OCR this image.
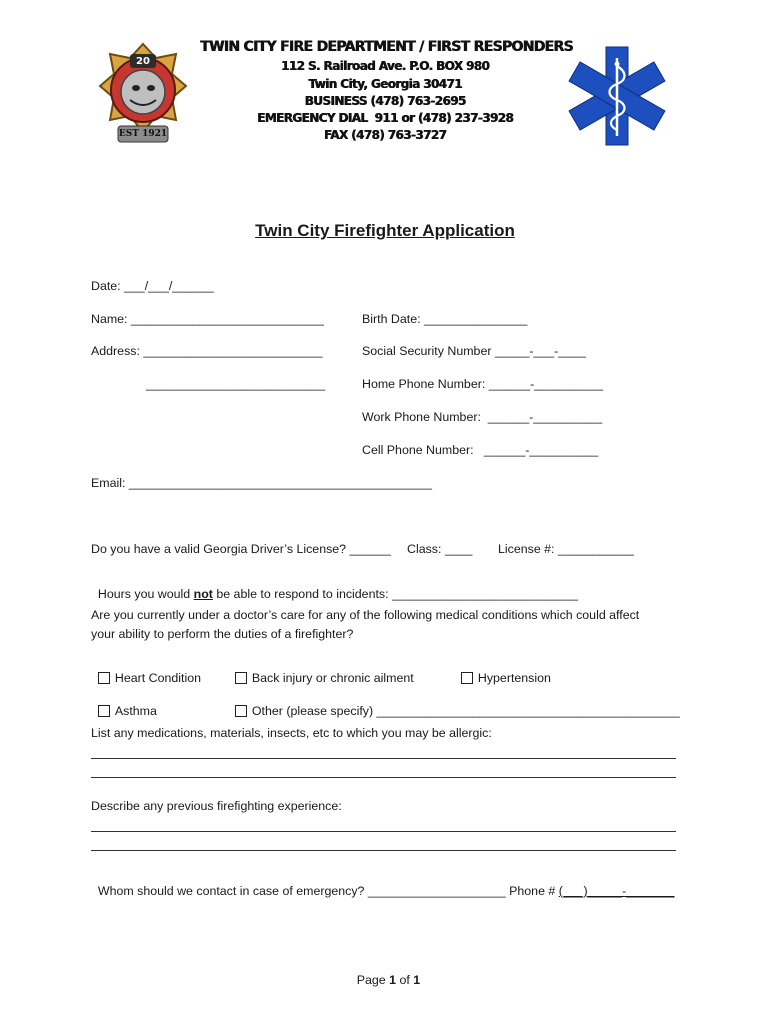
20
EST 1921
TWIN CITY FIRE DEPARTMENT / FIRST RESPONDERS
112 S. Railroad Ave. P.O. BOX 980
Twin City, Georgia 30471
BUSINESS (478) 763-2695
EMERGENCY DIAL  911 or (478) 237-3928
FAX (478) 763-3727
Twin City Firefighter Application
Date: ___/___/______
Name: ____________________________	Birth Date: _______________
Address: __________________________	Social Security Number _____-___-____
__________________________	Home Phone Number: ______-__________
Work Phone Number:  ______-__________
Cell Phone Number:   ______-__________
Email: ____________________________________________
Do you have a valid Georgia Driver’s License? ______ Class: ____ License #: ___________

Hours you would not be able to respond to incidents: ___________________________

Are you currently under a doctor’s care for any of the following medical conditions which could affect
your ability to perform the duties of a firefighter?

Heart Condition	Back injury or chronic ailment	Hypertension

Asthma	Other (please specify) ____________________________________________

List any medications, materials, insects, etc to which you may be allergic:
Describe any previous firefighting experience:

Whom should we contact in case of emergency? ____________________ Phone # (___)_____-_______

Page 1 of 1
